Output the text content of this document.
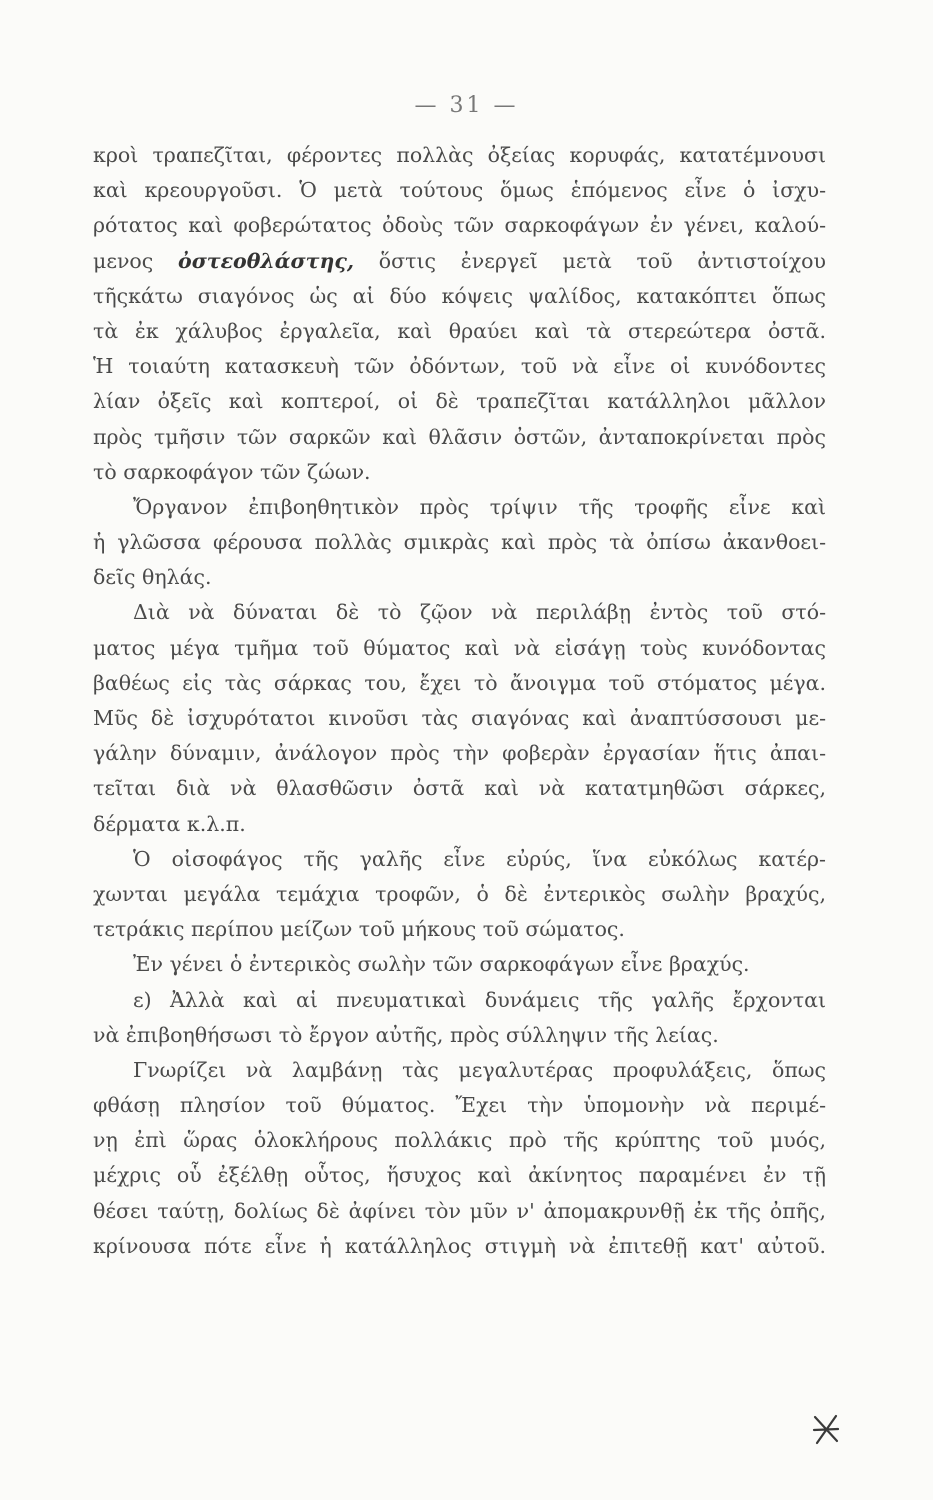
— 31 —
κροὶ τραπεζῖται, φέροντες πολλὰς ὀξείας κορυφάς, κατατέμνουσι
καὶ κρεουργοῦσι. Ὁ μετὰ τούτους ὅμως ἑπόμενος εἶνε ὁ ἰσχυ-
ρότατος καὶ φοβερώτατος ὀδοὺς τῶν σαρκοφάγων ἐν γένει, καλού-
μενος ὀστεοθλάστης, ὅστις ἐνεργεῖ μετὰ τοῦ ἀντιστοίχου
τῆςκάτω σιαγόνος ὡς αἱ δύο κόψεις ψαλίδος, κατακόπτει ὅπως
τὰ ἐκ χάλυβος ἐργαλεῖα, καὶ θραύει καὶ τὰ στερεώτερα ὀστᾶ.
Ἡ τοιαύτη κατασκευὴ τῶν ὀδόντων, τοῦ νὰ εἶνε οἱ κυνόδοντες
λίαν ὀξεῖς καὶ κοπτεροί, οἱ δὲ τραπεζῖται κατάλληλοι μᾶλλον
πρὸς τμῆσιν τῶν σαρκῶν καὶ θλᾶσιν ὀστῶν, ἀνταποκρίνεται πρὸς
τὸ σαρκοφάγον τῶν ζώων.
Ὄργανον ἐπιβοηθητικὸν πρὸς τρίψιν τῆς τροφῆς εἶνε καὶ
ἡ γλῶσσα φέρουσα πολλὰς σμικρὰς καὶ πρὸς τὰ ὀπίσω ἀκανθοει-
δεῖς θηλάς.
Διὰ νὰ δύναται δὲ τὸ ζῷον νὰ περιλάβῃ ἐντὸς τοῦ στό-
ματος μέγα τμῆμα τοῦ θύματος καὶ νὰ εἰσάγῃ τοὺς κυνόδοντας
βαθέως εἰς τὰς σάρκας του, ἔχει τὸ ἄνοιγμα τοῦ στόματος μέγα.
Μῦς δὲ ἰσχυρότατοι κινοῦσι τὰς σιαγόνας καὶ ἀναπτύσσουσι με-
γάλην δύναμιν, ἀνάλογον πρὸς τὴν φοβερὰν ἐργασίαν ἥτις ἀπαι-
τεῖται διὰ νὰ θλασθῶσιν ὀστᾶ καὶ νὰ κατατμηθῶσι σάρκες,
δέρματα κ.λ.π.
Ὁ οἰσοφάγος τῆς γαλῆς εἶνε εὐρύς, ἵνα εὐκόλως κατέρ-
χωνται μεγάλα τεμάχια τροφῶν, ὁ δὲ ἐντερικὸς σωλὴν βραχύς,
τετράκις περίπου μείζων τοῦ μήκους τοῦ σώματος.
Ἐν γένει ὁ ἐντερικὸς σωλὴν τῶν σαρκοφάγων εἶνε βραχύς.
ε) Ἀλλὰ καὶ αἱ πνευματικαὶ δυνάμεις τῆς γαλῆς ἔρχονται
νὰ ἐπιβοηθήσωσι τὸ ἔργον αὐτῆς, πρὸς σύλληψιν τῆς λείας.
Γνωρίζει νὰ λαμβάνῃ τὰς μεγαλυτέρας προφυλάξεις, ὅπως
φθάσῃ πλησίον τοῦ θύματος. Ἔχει τὴν ὑπομονὴν νὰ περιμέ-
νῃ ἐπὶ ὥρας ὁλοκλήρους πολλάκις πρὸ τῆς κρύπτης τοῦ μυός,
μέχρις οὗ ἐξέλθῃ οὗτος, ἥσυχος καὶ ἀκίνητος παραμένει ἐν τῇ
θέσει ταύτῃ, δολίως δὲ ἀφίνει τὸν μῦν ν' ἀπομακρυνθῇ ἐκ τῆς ὀπῆς,
κρίνουσα πότε εἶνε ἡ κατάλληλος στιγμὴ νὰ ἐπιτεθῇ κατ' αὐτοῦ.
